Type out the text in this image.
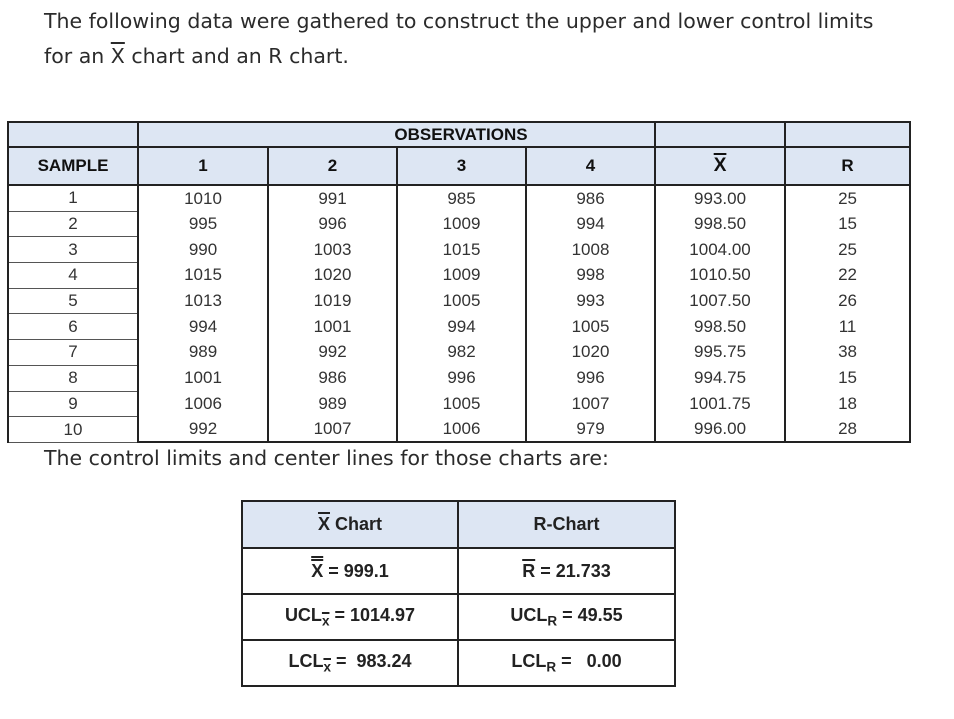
The following data were gathered to construct the upper and lower control limits

for an $\overline{X}$ chart and an R chart.

		OBSERVATIONS				
SAMPLE	1	2	3	4	$\overline{X}$	R
1	1010	991	985	986	993.00	25
2	995	996	1009	994	998.50	15
3	990	1003	1015	1008	1004.00	25
4	1015	1020	1009	998	1010.50	22
5	1013	1019	1005	993	1007.50	26
6	994	1001	994	1005	998.50	11
7	989	992	982	1020	995.75	38
8	1001	986	996	996	994.75	15
9	1006	989	1005	1007	1001.75	18
10	992	1007	1006	979	996.00	28
The control limits and center lines for those charts are:
$\overline{X}$ Chart	R-Chart
X = 999.1	$\overline{R} = 21.733$
$UCL_{\overline{x}} = 1014.97$	$UCL_R = 49.55$
$LCL_{\overline{x}} = 983.24$	$LCL_R = 0.00$
